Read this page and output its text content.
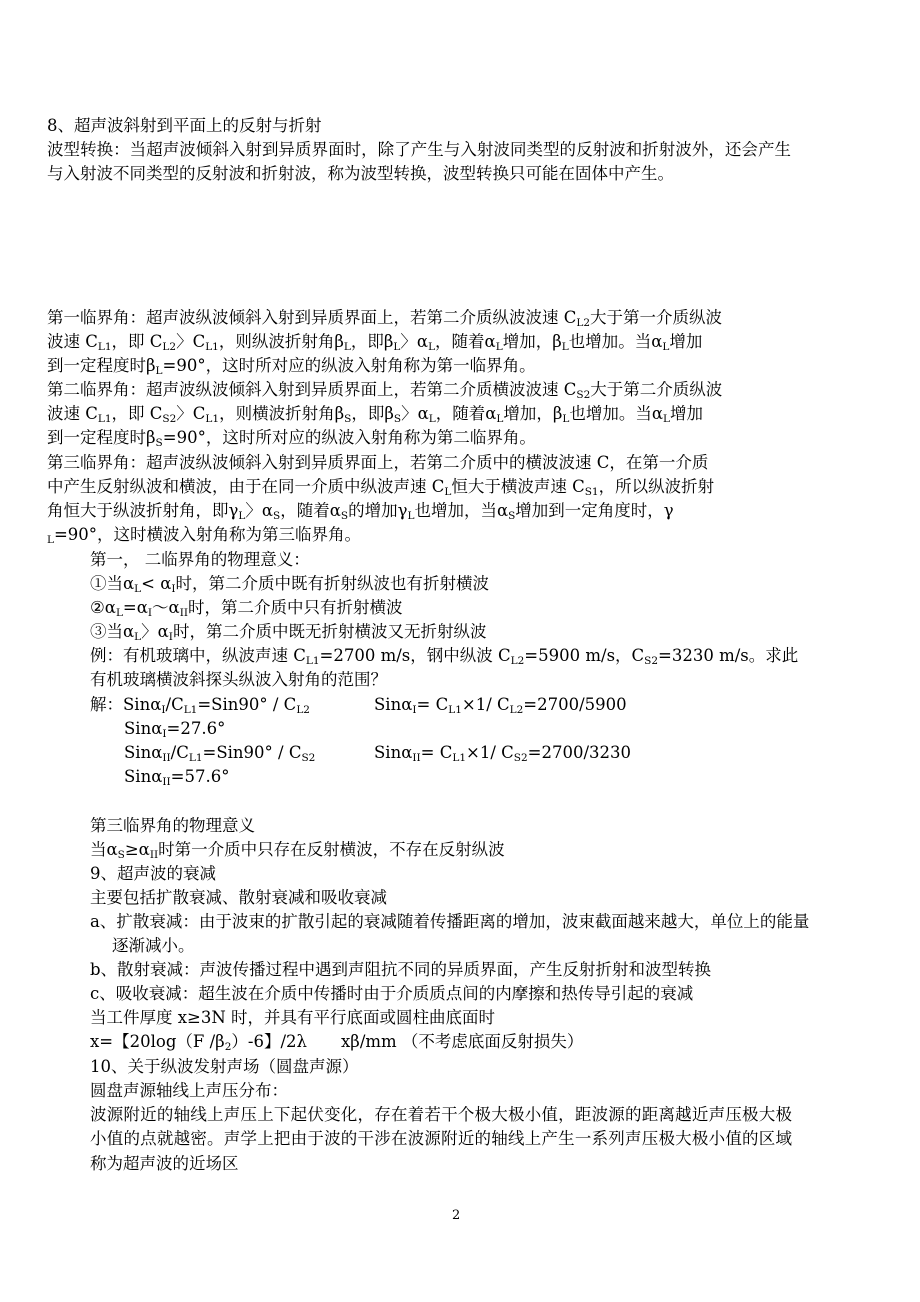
8、超声波斜射到平面上的反射与折射

波型转换：当超声波倾斜入射到异质界面时，除了产生与入射波同类型的反射波和折射波外，还会产生与入射波不同类型的反射波和折射波，称为波型转换，波型转换只可能在固体中产生。

第一临界角：超声波纵波倾斜入射到异质界面上，若第二介质纵波波速 $C_{L2}$大于第一介质纵波

波速 $C_{L1}$，即 $C_{L2}$〉$C_{L1}$，则纵波折射角$\beta_L$，即$\beta_L$〉$\alpha_L$，随着$\alpha_L$增加，$\beta_L$也增加。当$\alpha_L$增加

到一定程度时$\beta_L=90^\circ$，这时所对应的纵波入射角称为第一临界角。

第二临界角：超声波纵波倾斜入射到异质界面上，若第二介质横波波速 $C_{S2}$大于第二介质纵波

波速 $C_{L1}$，即 $C_{S2}$〉$C_{L1}$，则横波折射角$\beta_S$，即$\beta_S$〉$\alpha_L$，随着$\alpha_L$增加，$\beta_L$也增加。当$\alpha_L$增加

到一定程度时$\beta_S=90^\circ$，这时所对应的纵波入射角称为第二临界角。

第三临界角：超声波纵波倾斜入射到异质界面上，若第二介质中的横波波速 C，在第一介质

中产生反射纵波和横波，由于在同一介质中纵波声速 $C_L$恒大于横波声速 $C_{S1}$，所以纵波折射

角恒大于纵波折射角，即$\gamma_L$〉$\alpha_S$，随着$\alpha_S$的增加$\gamma_L$也增加，当$\alpha_S$增加到一定角度时，γ

$_L$=90°，这时横波入射角称为第三临界角。

第一， 二临界角的物理意义：

①当$\alpha_L< \alpha_I$时，第二介质中既有折射纵波也有折射横波

$②\alpha_L=\alpha_I\sim\alpha_{II}$时，第二介质中只有折射横波

③当$\alpha_L$〉$\alpha_I$时，第二介质中既无折射横波又无折射纵波

例：有机玻璃中，纵波声速 $C_{L1}=2700$ m/s，钢中纵波 $C_{L2}=5900$ m/s，$C_{S2}=3230$ m/s。求此

有机玻璃横波斜探头纵波入射角的范围？

解：$Sin\alpha_I/C_{L1}=Sin90^\circ / C_{L2}$	$Sin\alpha_I= C_{L1}\times 1/$ $C_{L2}=2700/5900$

Sinα$_I$=27.6°

$Sin\alpha_{II}/C_{L1}=Sin90^\circ / C_{S2}$	$Sin\alpha_{II}= C_{L1}\times 1/$ $C_{S2}=2700/3230$

Sinα$_{II}$=57.6°

第三临界角的物理意义

当$\alpha_S\ge\alpha_{II}$时第一介质中只存在反射横波，不存在反射纵波

9、超声波的衰减

主要包括扩散衰减、散射衰减和吸收衰减

a、扩散衰减：由于波束的扩散引起的衰减随着传播距离的增加，波束截面越来越大，单位上的能量逐渐减小。

b、散射衰减：声波传播过程中遇到声阻抗不同的异质界面，产生反射折射和波型转换

c、吸收衰减：超生波在介质中传播时由于介质质点间的内摩擦和热传导引起的衰减

当工件厚度 x≥3N 时，并具有平行底面或圆柱曲底面时

x=【20log（F $/\beta_2)-6$】/2λ xβ/mm （不考虑底面反射损失）

10、关于纵波发射声场（圆盘声源）

圆盘声源轴线上声压分布：

波源附近的轴线上声压上下起伏变化，存在着若干个极大极小值，距波源的距离越近声压极大极小值的点就越密。声学上把由于波的干涉在波源附近的轴线上产生一系列声压极大极小值的区域称为超声波的近场区

2
